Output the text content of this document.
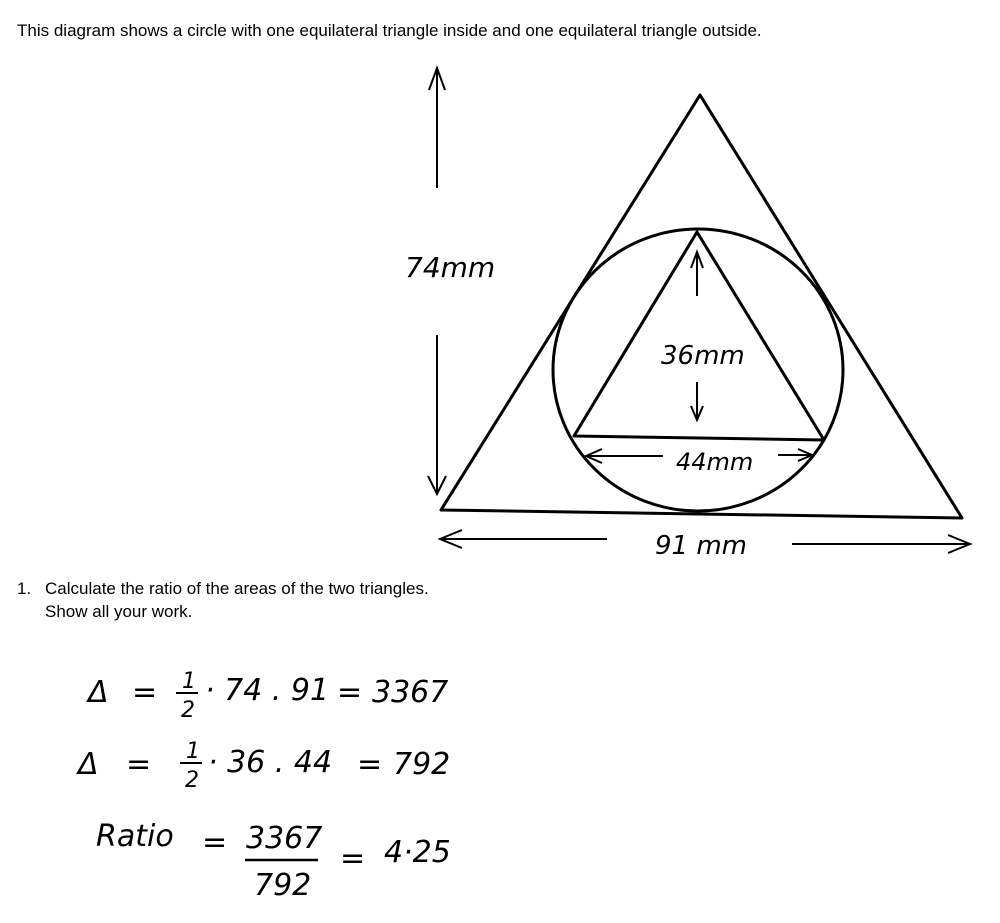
This diagram shows a circle with one equilateral triangle inside and one equilateral triangle outside.

74mm
91 mm
36mm
44mm
Δ = 1
2
· 74 . 91 = 3367
Δ = 1
2
· 36 . 44 = 792
Ratio = 3367
792
= 4·25
1. Calculate the ratio of the areas of the two triangles.
Show all your work.
